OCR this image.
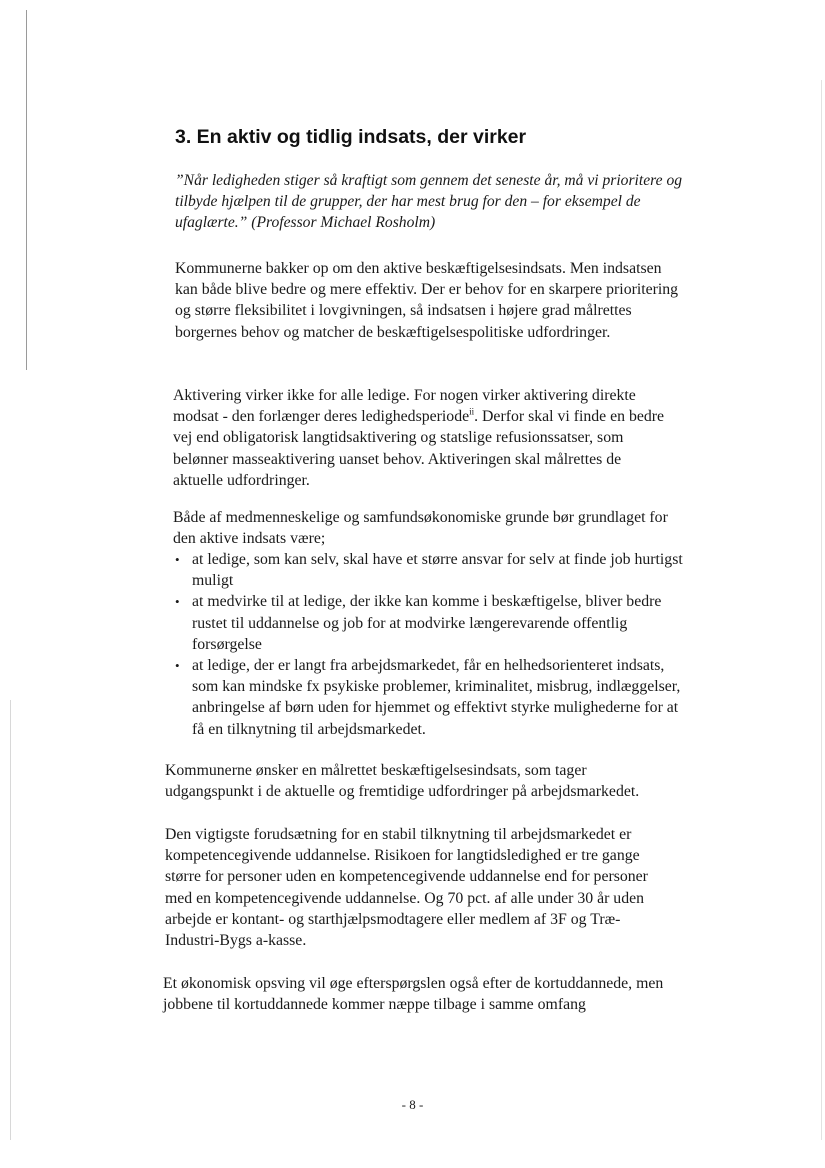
3. En aktiv og tidlig indsats, der virker

”Når ledigheden stiger så kraftigt som gennem det seneste år, må vi prioritere og tilbyde hjælpen til de grupper, der har mest brug for den – for eksempel de ufaglærte.” (Professor Michael Rosholm)

Kommunerne bakker op om den aktive beskæftigelsesindsats. Men indsatsen kan både blive bedre og mere effektiv. Der er behov for en skarpere prioritering og større fleksibilitet i lovgivningen, så indsatsen i højere grad målrettes borgernes behov og matcher de beskæftigelsespolitiske udfordringer.

Aktivering virker ikke for alle ledige. For nogen virker aktivering direkte modsat - den forlænger deres ledighedsperiode$^{ii}$. Derfor skal vi finde en bedre vej end obligatorisk langtidsaktivering og statslige refusionssatser, som belønner masseaktivering uanset behov. Aktiveringen skal målrettes de aktuelle udfordringer.

Både af medmenneskelige og samfundsøkonomiske grunde bør grundlaget for den aktive indsats være;

• at ledige, som kan selv, skal have et større ansvar for selv at finde job hurtigst muligt
• at medvirke til at ledige, der ikke kan komme i beskæftigelse, bliver bedre rustet til uddannelse og job for at modvirke længerevarende offentlig forsørgelse
• at ledige, der er langt fra arbejdsmarkedet, får en helhedsorienteret indsats, som kan mindske fx psykiske problemer, kriminalitet, misbrug, indlæggelser, anbringelse af børn uden for hjemmet og effektivt styrke mulighederne for at få en tilknytning til arbejdsmarkedet.

Kommunerne ønsker en målrettet beskæftigelsesindsats, som tager udgangspunkt i de aktuelle og fremtidige udfordringer på arbejdsmarkedet.

Den vigtigste forudsætning for en stabil tilknytning til arbejdsmarkedet er kompetencegivende uddannelse. Risikoen for langtidsledighed er tre gange større for personer uden en kompetencegivende uddannelse end for personer med en kompetencegivende uddannelse. Og 70 pct. af alle under 30 år uden arbejde er kontant- og starthjælpsmodtagere eller medlem af 3F og Træ-Industri-Bygs a-kasse.

Et økonomisk opsving vil øge efterspørgslen også efter de kortuddannede, men jobbene til kortuddannede kommer næppe tilbage i samme omfang

- 8 -
